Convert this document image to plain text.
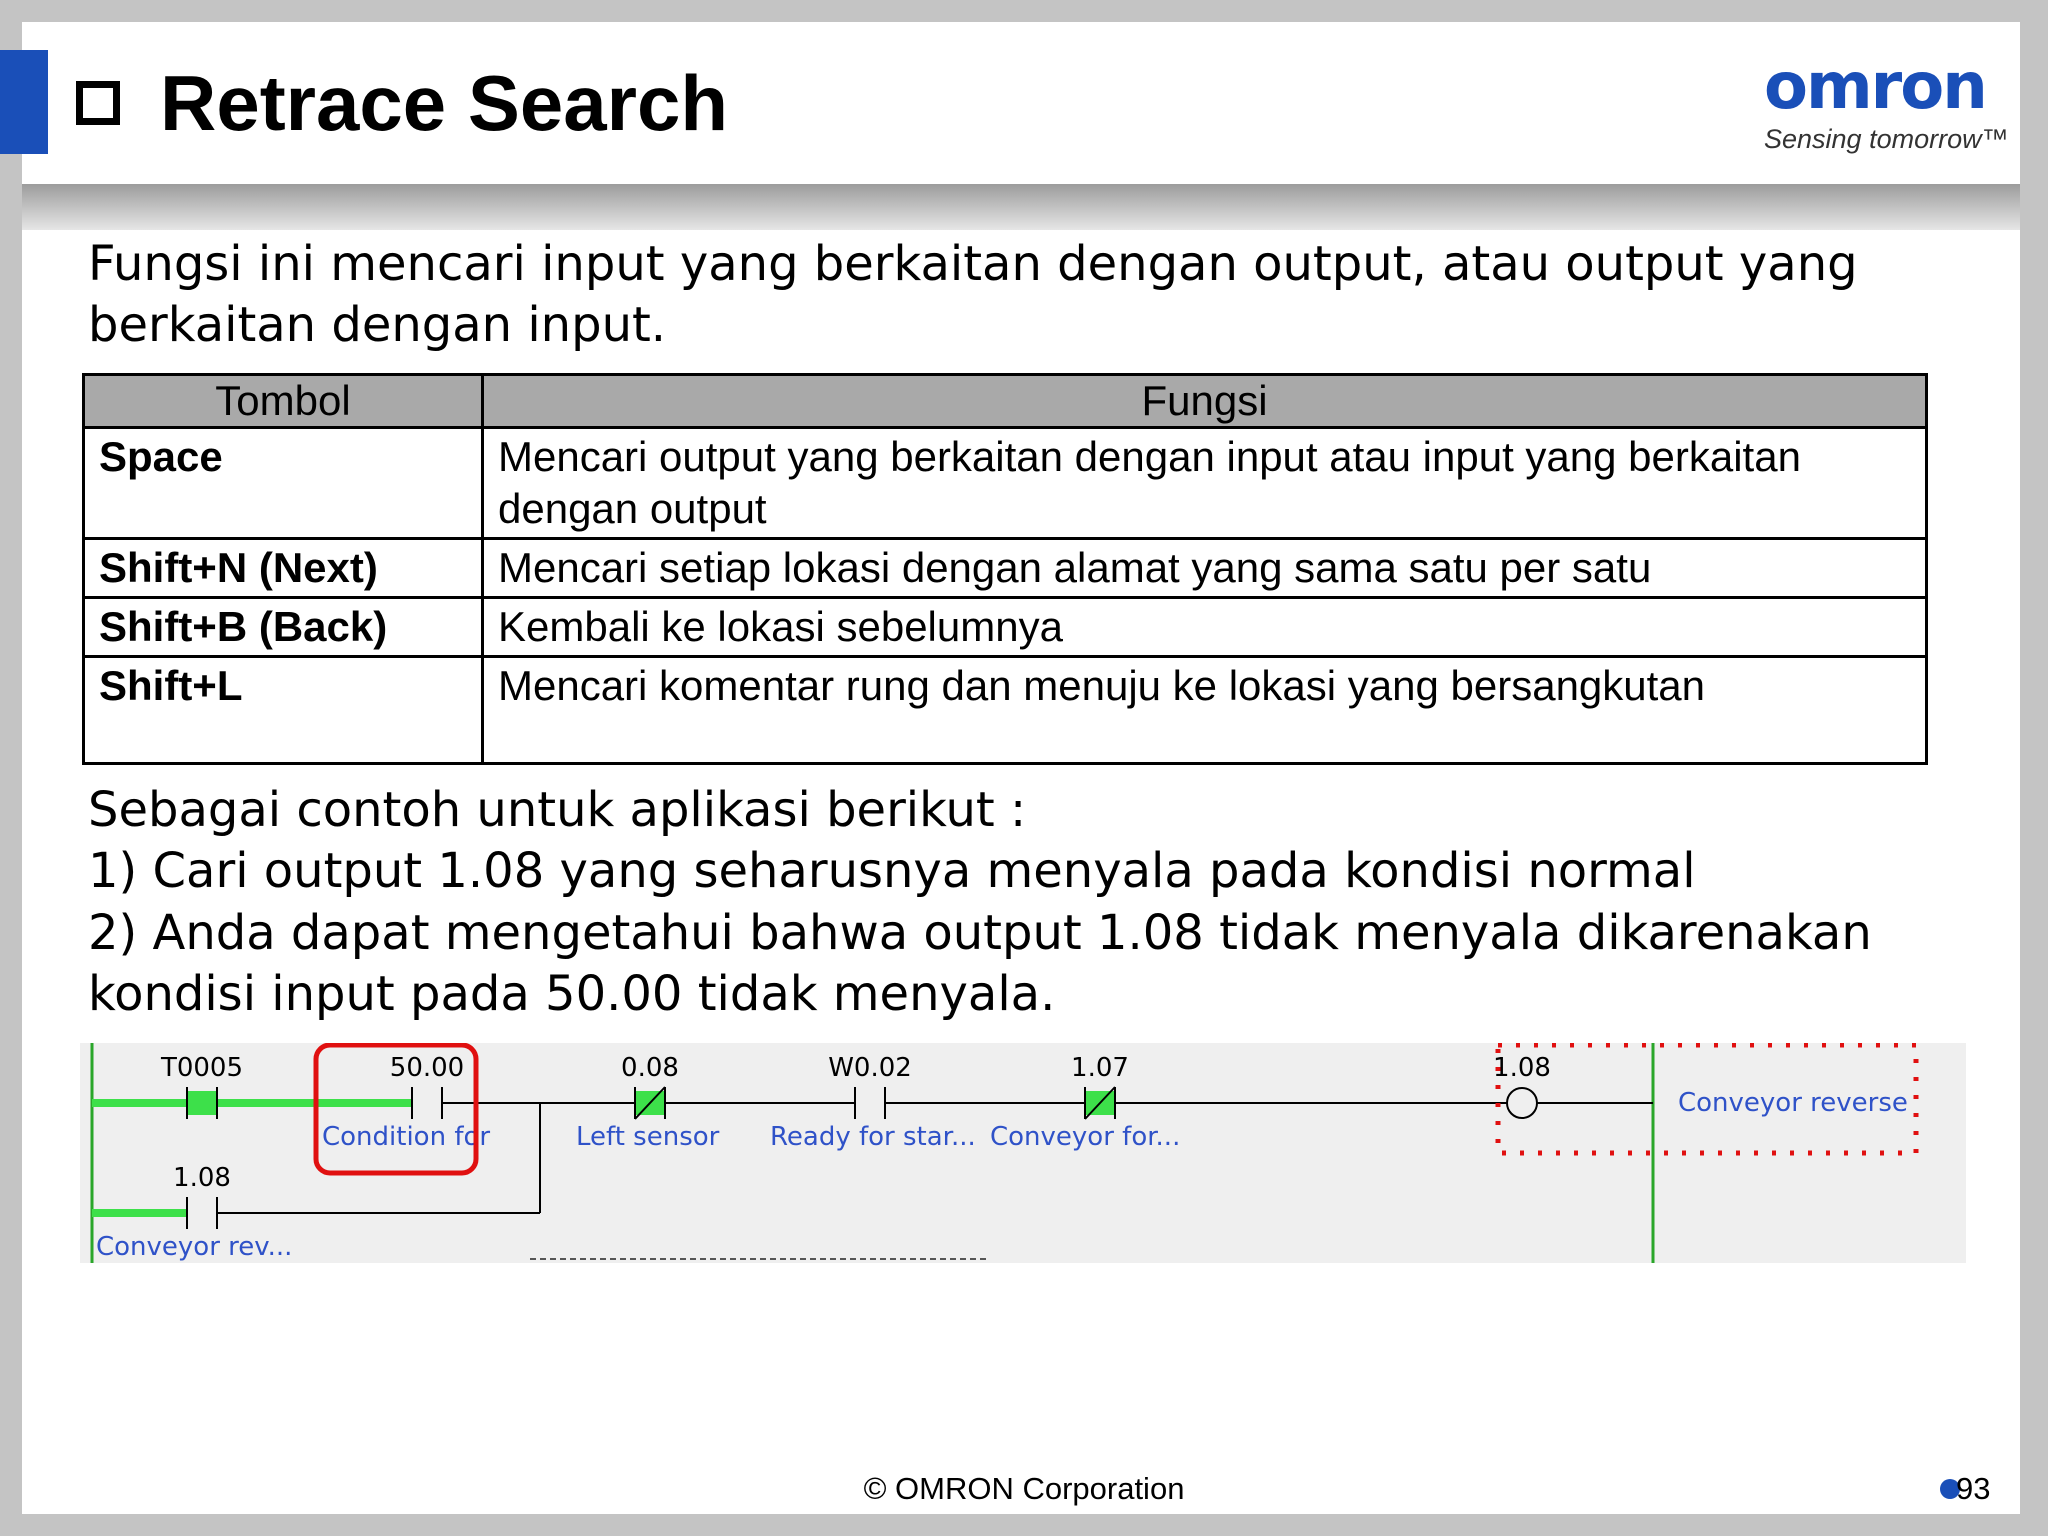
Retrace Search	omron
Sensing tomorrow™
Fungsi ini mencari input yang berkaitan dengan output, atau output yang
berkaitan dengan input.
Tombol	Fungsi
Space	Mencari output yang berkaitan dengan input atau input yang berkaitan
dengan output

Shift+N (Next)	Mencari setiap lokasi dengan alamat yang sama satu per satu
Shift+B (Back)	Kembali ke lokasi sebelumnya
Shift+L	Mencari komentar rung dan menuju ke lokasi yang bersangkutan
Sebagai contoh untuk aplikasi berikut :
1) Cari output 1.08 yang seharusnya menyala pada kondisi normal
2) Anda dapat mengetahui bahwa output 1.08 tidak menyala dikarenakan
kondisi input pada 50.00 tidak menyala.
T0005	50.00
Condition for
0.08
Left sensor
W0.02
Ready for star...
1.07
Conveyor for...
1.08
Conveyor rev...
1.08
Conveyor reverse
© OMRON Corporation	93
